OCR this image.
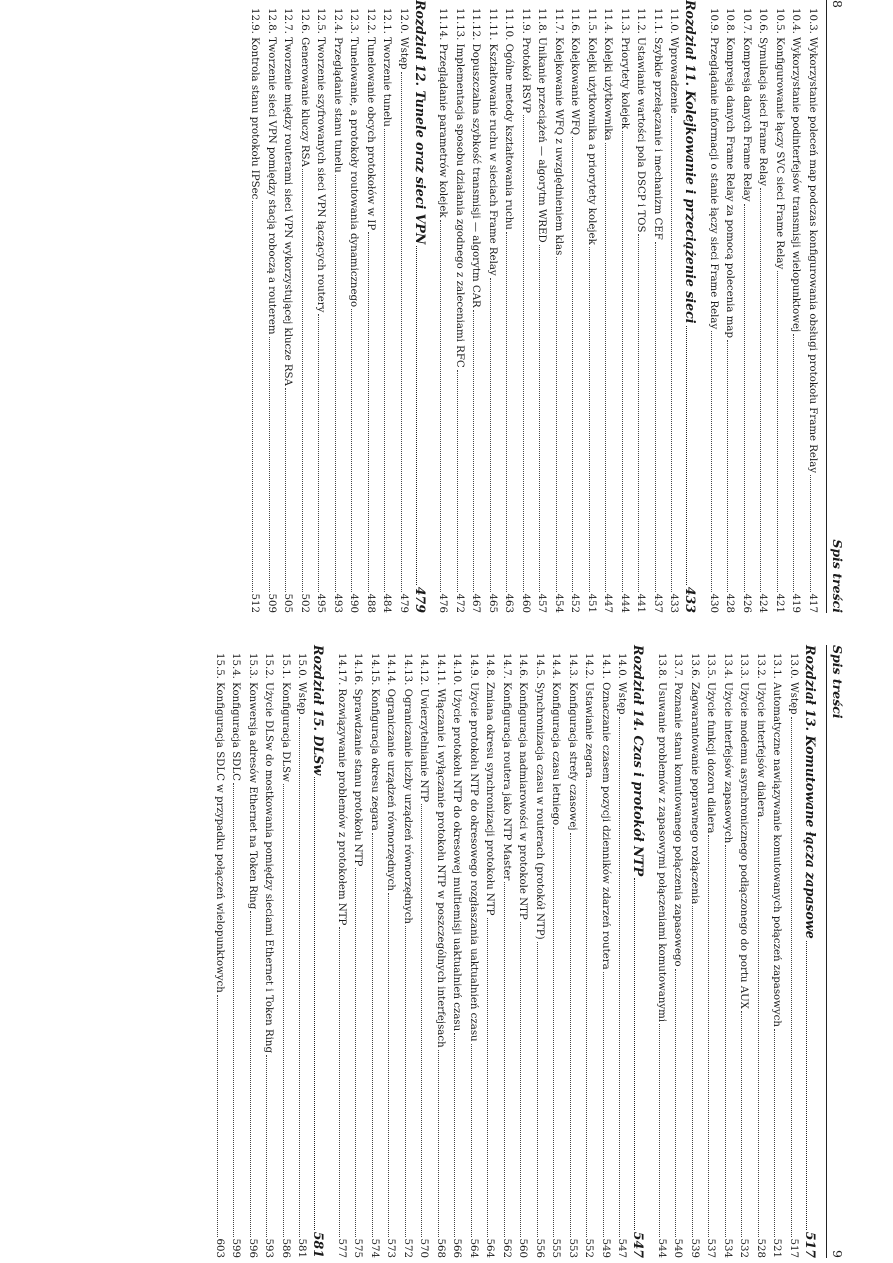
8
Spis treści
10.3. Wykorzystanie poleceń map podczas konfigurowania obsługi protokołu Frame Relay
417
10.4. Wykorzystanie podinterfejsów transmisji wielopunktowej
419
10.5. Konfigurowanie łączy SVC sieci Frame Relay
421
10.6. Symulacja sieci Frame Relay
424
10.7. Kompresja danych Frame Relay
426
10.8. Kompresja danych Frame Relay za pomocą polecenia map
428
10.9. Przeglądanie informacji o stanie łączy sieci Frame Relay
430
Rozdział 11. Kolejkowanie i przeciążenie sieci
433
11.0. Wprowadzenie
433
11.1. Szybkie przełączanie i mechanizm CEF
437
11.2. Ustawianie wartości pola DSCP i TOS
441
11.3. Priorytety kolejek
444
11.4. Kolejki użytkownika
447
11.5. Kolejki użytkownika a priorytety kolejek
451
11.6. Kolejkowanie WFQ
452
11.7. Kolejkowanie WFQ z uwzględnieniem klas
454
11.8. Unikanie przeciążeń — algorytm WRED
457
11.9. Protokół RSVP
460
11.10. Ogólne metody kształtowania ruchu
463
11.11. Kształtowanie ruchu w sieciach Frame Relay
465
11.12. Dopuszczalna szybkość transmisji — algorytm CAR
467
11.13. Implementacja sposobu działania zgodnego z zaleceniami RFC
472
11.14. Przeglądanie parametrów kolejek
476
Rozdział 12. Tunele oraz sieci VPN
479
12.0. Wstęp
479
12.1. Tworzenie tunelu
484
12.2. Tunelowanie obcych protokołów w IP
488
12.3. Tunelowanie, a protokoły routowania dynamicznego
490
12.4. Przeglądanie stanu tunelu
493
12.5. Tworzenie szyfrowanych sieci VPN łączących routery
495
12.6. Generowanie kluczy RSA
502
12.7. Tworzenie między routerami sieci VPN wykorzystującej klucze RSA
505
12.8. Tworzenie sieci VPN pomiędzy stacją roboczą a routerem
509
12.9. Kontrola stanu protokołu IPSec
512
Spis treści
9
Rozdział 13. Komutowane łącza zapasowe
517
13.0. Wstęp
517
13.1. Automatyczne nawiązywanie komutowanych połączeń zapasowych
521
13.2. Użycie interfejsów dialera
528
13.3. Użycie modemu asynchronicznego podłączonego do portu AUX
532
13.4. Użycie interfejsów zapasowych
534
13.5. Użycie funkcji dozoru dialera
537
13.6. Zagwarantowanie poprawnego rozłączenia
539
13.7. Poznanie stanu komutowanego połączenia zapasowego
540
13.8. Usuwanie problemów z zapasowymi połączeniami komutowanymi
544
Rozdział 14. Czas i protokół NTP
547
14.0. Wstęp
547
14.1. Oznaczanie czasem pozycji dzienników zdarzeń routera
549
14.2. Ustawianie zegara
552
14.3. Konfiguracja strefy czasowej
553
14.4. Konfiguracja czasu letniego
555
14.5. Synchronizacja czasu w routerach (protokół NTP)
556
14.6. Konfiguracja nadmiarowości w protokole NTP
560
14.7. Konfiguracja routera jako NTP Master
562
14.8. Zmiana okresu synchronizacji protokołu NTP
564
14.9. Użycie protokołu NTP do okresowego rozgłaszania uaktualnień czasu
564
14.10. Użycie protokołu NTP do okresowej multiemisji uaktualnień czasu
566
14.11. Włączanie i wyłączanie protokołu NTP w poszczególnych interfejsach
568
14.12. Uwierzytelnianie NTP
570
14.13. Ograniczanie liczby urządzeń równorzędnych
572
14.14. Ograniczanie urządzeń równorzędnych
573
14.15. Konfiguracja okresu zegara
574
14.16. Sprawdzanie stanu protokołu NTP
575
14.17. Rozwiązywanie problemów z protokołem NTP
577
Rozdział 15. DLSw
581
15.0. Wstęp
581
15.1. Konfiguracja DLSw
586
15.2. Użycie DLSw do mostkowania pomiędzy sieciami Ethernet i Token Ring
593
15.3. Konwersja adresów Ethernet na Token Ring
596
15.4. Konfiguracja SDLC
599
15.5. Konfiguracja SDLC w przypadku połączeń wielopunktowych
603
